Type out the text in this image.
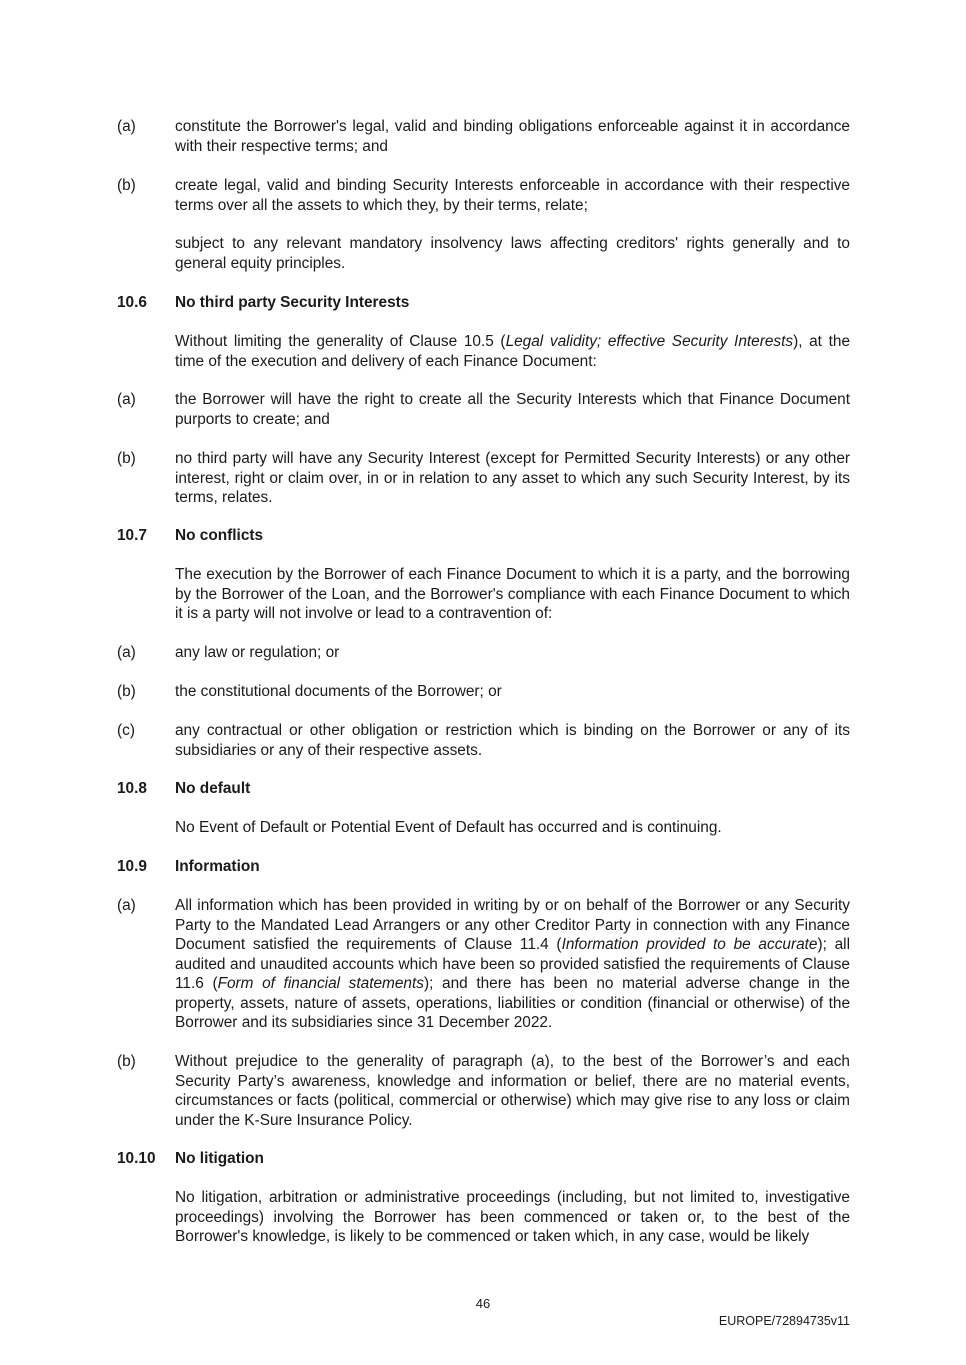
(a)	constitute the Borrower's legal, valid and binding obligations enforceable against it in accordance with their respective terms; and
(b)	create legal, valid and binding Security Interests enforceable in accordance with their respective terms over all the assets to which they, by their terms, relate;
subject to any relevant mandatory insolvency laws affecting creditors' rights generally and to general equity principles.
10.6 No third party Security Interests
Without limiting the generality of Clause 10.5 (Legal validity; effective Security Interests), at the time of the execution and delivery of each Finance Document:
(a)	the Borrower will have the right to create all the Security Interests which that Finance Document purports to create; and
(b)	no third party will have any Security Interest (except for Permitted Security Interests) or any other interest, right or claim over, in or in relation to any asset to which any such Security Interest, by its terms, relates.
10.7 No conflicts
The execution by the Borrower of each Finance Document to which it is a party, and the borrowing by the Borrower of the Loan, and the Borrower's compliance with each Finance Document to which it is a party will not involve or lead to a contravention of:
(a)	any law or regulation; or
(b)	the constitutional documents of the Borrower; or
(c)	any contractual or other obligation or restriction which is binding on the Borrower or any of its subsidiaries or any of their respective assets.
10.8 No default
No Event of Default or Potential Event of Default has occurred and is continuing.
10.9 Information
(a)	All information which has been provided in writing by or on behalf of the Borrower or any Security Party to the Mandated Lead Arrangers or any other Creditor Party in connection with any Finance Document satisfied the requirements of Clause 11.4 (Information provided to be accurate); all audited and unaudited accounts which have been so provided satisfied the requirements of Clause 11.6 (Form of financial statements); and there has been no material adverse change in the property, assets, nature of assets, operations, liabilities or condition (financial or otherwise) of the Borrower and its subsidiaries since 31 December 2022.
(b)	Without prejudice to the generality of paragraph (a), to the best of the Borrower’s and each Security Party’s awareness, knowledge and information or belief, there are no material events, circumstances or facts (political, commercial or otherwise) which may give rise to any loss or claim under the K-Sure Insurance Policy.
10.10 No litigation
No litigation, arbitration or administrative proceedings (including, but not limited to, investigative proceedings) involving the Borrower has been commenced or taken or, to the best of the Borrower's knowledge, is likely to be commenced or taken which, in any case, would be likely
46
EUROPE/72894735v11
